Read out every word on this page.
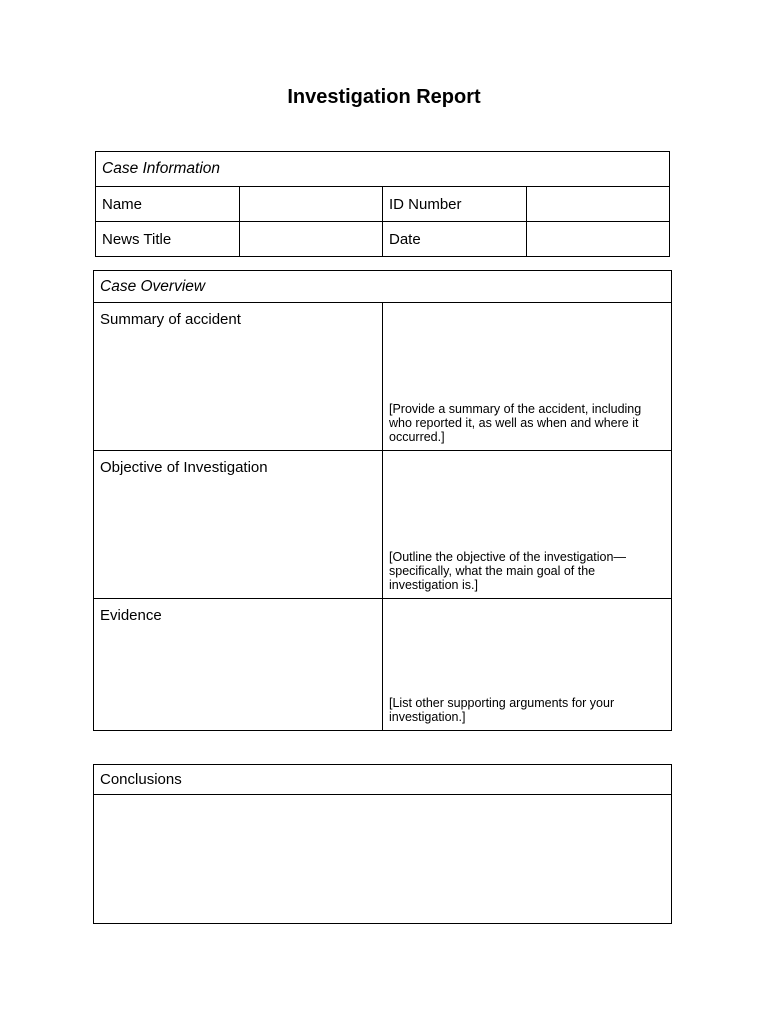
Investigation Report
Case Information			
Name		ID Number	
News Title		Date	
Case Overview	
Summary of accident	[Provide a summary of the accident, including who reported it, as well as when and where it occurred.]
Objective of Investigation	[Outline the objective of the investigation—specifically, what the main goal of the investigation is.]
Evidence	[List other supporting arguments for your investigation.]
Conclusions
